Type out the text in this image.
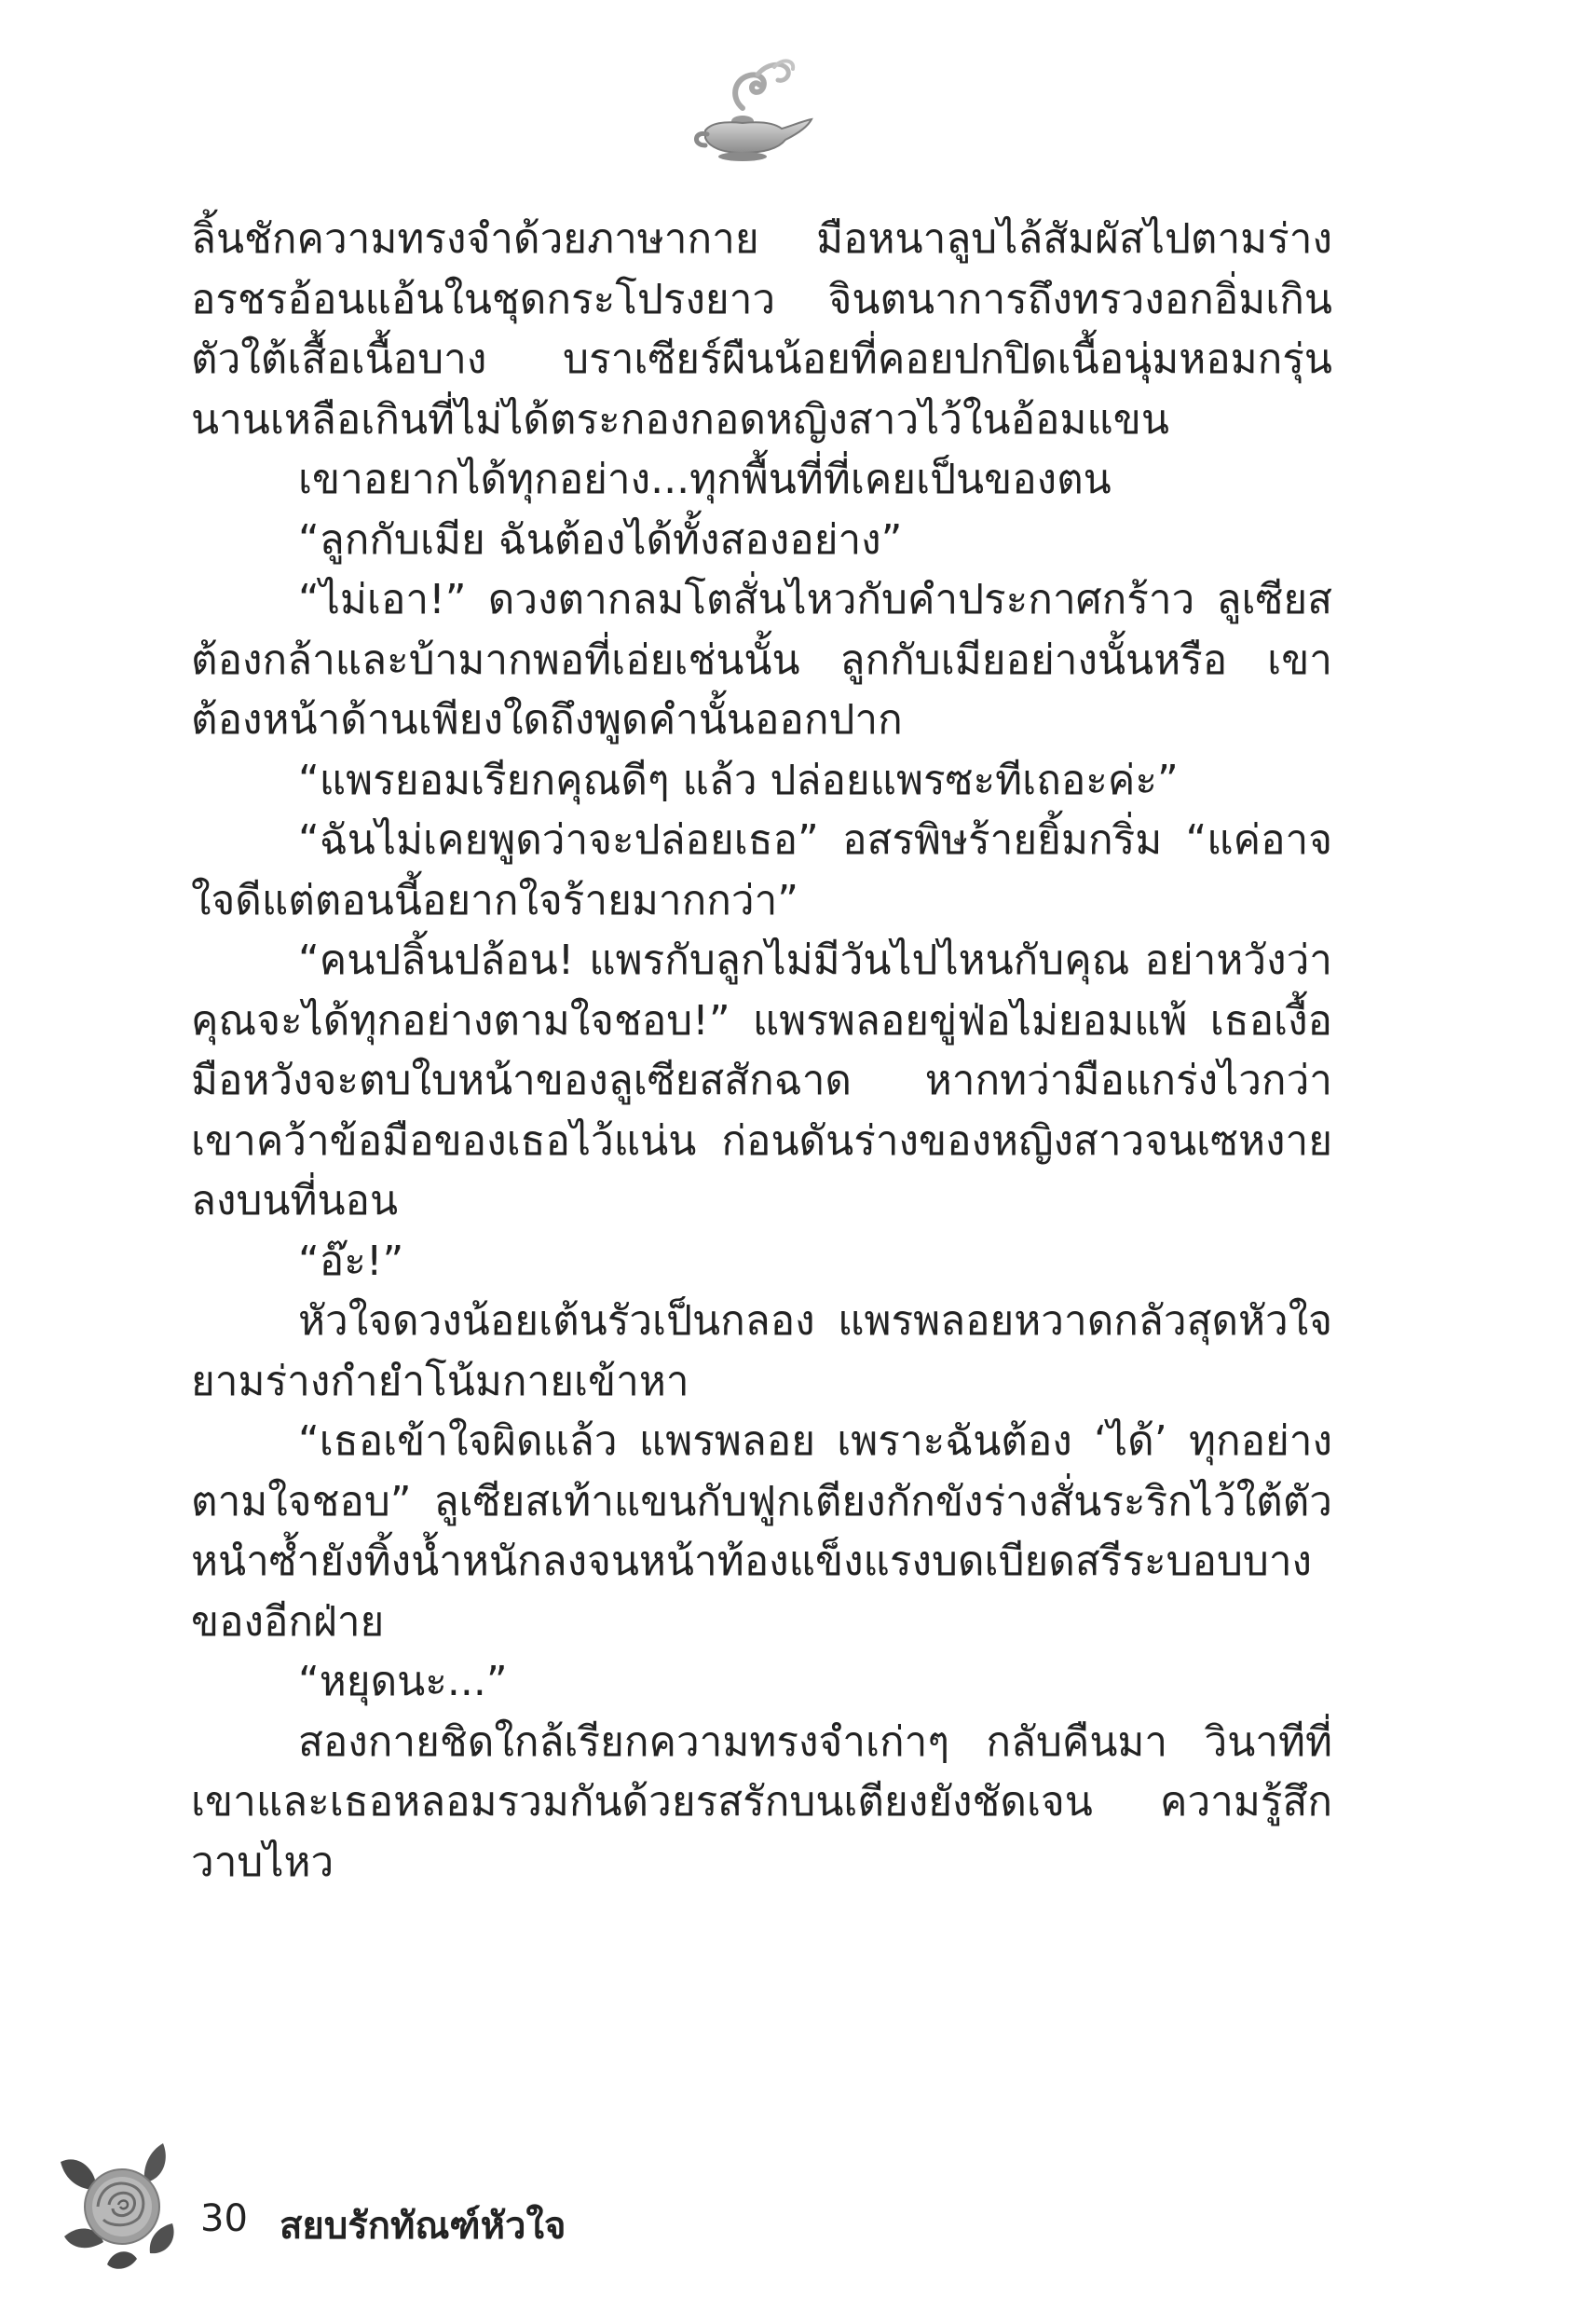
ลิ้นชักความทรงจำด้วยภาษากาย มือหนาลูบไล้สัมผัสไปตามร่างอรชรอ้อนแอ้นในชุดกระโปรงยาว จินตนาการถึงทรวงอกอิ่มเกินตัวใต้เสื้อเนื้อบาง บราเซียร์ผืนน้อยที่คอยปกปิดเนื้อนุ่มหอมกรุ่น นานเหลือเกินที่ไม่ได้ตระกองกอดหญิงสาวไว้ในอ้อมแขน

เขาอยากได้ทุกอย่าง...ทุกพื้นที่ที่เคยเป็นของตน

“ลูกกับเมีย ฉันต้องได้ทั้งสองอย่าง”

“ไม่เอา!” ดวงตากลมโตสั่นไหวกับคำประกาศกร้าว ลูเซียสต้องกล้าและบ้ามากพอที่เอ่ยเช่นนั้น ลูกกับเมียอย่างนั้นหรือ เขาต้องหน้าด้านเพียงใดถึงพูดคำนั้นออกปาก

“แพรยอมเรียกคุณดีๆ แล้ว ปล่อยแพรซะทีเถอะค่ะ”

“ฉันไม่เคยพูดว่าจะปล่อยเธอ” อสรพิษร้ายยิ้มกริ่ม “แค่อาจใจดีแต่ตอนนี้อยากใจร้ายมากกว่า”

“คนปลิ้นปล้อน! แพรกับลูกไม่มีวันไปไหนกับคุณ อย่าหวังว่าคุณจะได้ทุกอย่างตามใจชอบ!” แพรพลอยขู่ฟ่อไม่ยอมแพ้ เธอเงื้อมือหวังจะตบใบหน้าของลูเซียสสักฉาด หากทว่ามือแกร่งไวกว่า เขาคว้าข้อมือของเธอไว้แน่น ก่อนดันร่างของหญิงสาวจนเซหงายลงบนที่นอน

“อ๊ะ!”

หัวใจดวงน้อยเต้นรัวเป็นกลอง แพรพลอยหวาดกลัวสุดหัวใจยามร่างกำยำโน้มกายเข้าหา

“เธอเข้าใจผิดแล้ว แพรพลอย เพราะฉันต้อง ‘ได้’ ทุกอย่างตามใจชอบ” ลูเซียสเท้าแขนกับฟูกเตียงกักขังร่างสั่นระริกไว้ใต้ตัวหนำซ้ำยังทิ้งน้ำหนักลงจนหน้าท้องแข็งแรงบดเบียดสรีระบอบบางของอีกฝ่าย

“หยุดนะ...”

สองกายชิดใกล้เรียกความทรงจำเก่าๆ กลับคืนมา วินาทีที่เขาและเธอหลอมรวมกันด้วยรสรักบนเตียงยังชัดเจน ความรู้สึกวาบไหว

30 สยบรักทัณฑ์หัวใจ
